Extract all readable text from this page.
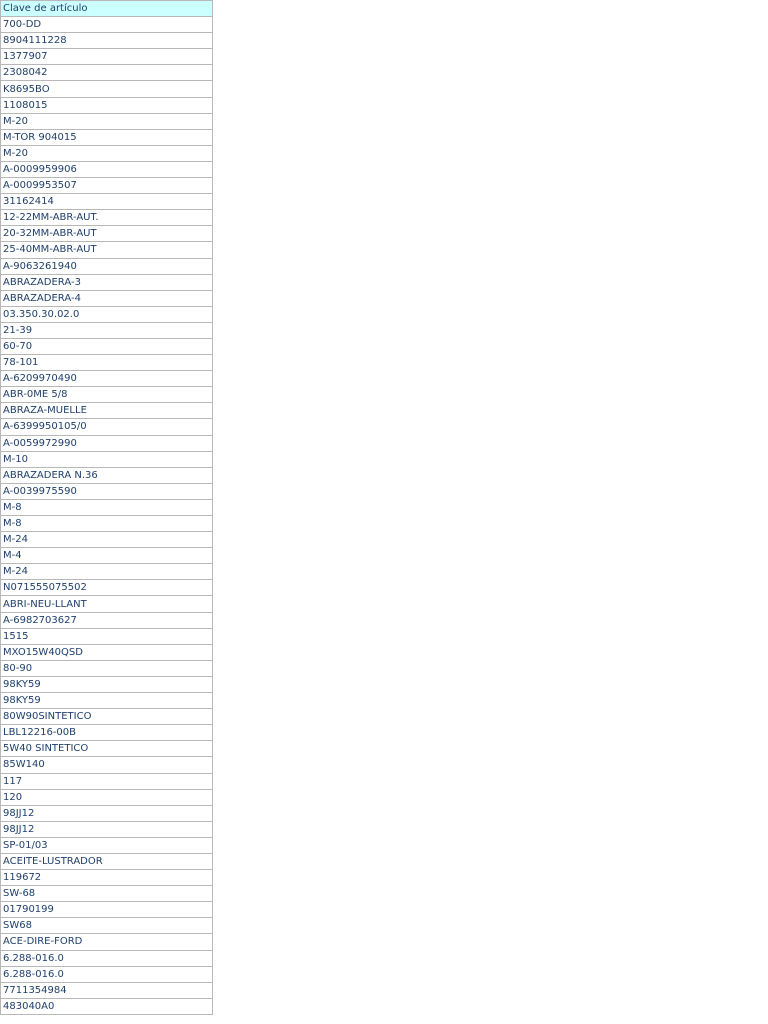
Clave de artículo
700-DD
8904111228
1377907
2308042
K8695BO
1108015
M-20
M-TOR 904015
M-20
A-0009959906
A-0009953507
31162414
12-22MM-ABR-AUT.
20-32MM-ABR-AUT
25-40MM-ABR-AUT
A-9063261940
ABRAZADERA-3
ABRAZADERA-4
03.350.30.02.0
21-39
60-70
78-101
A-6209970490
ABR-0ME 5/8
ABRAZA-MUELLE
A-6399950105/0
A-0059972990
M-10
ABRAZADERA N.36
A-0039975590
M-8
M-8
M-24
M-4
M-24
N071555075502
ABRI-NEU-LLANT
A-6982703627
1515
MXO15W40QSD
80-90
98KY59
98KY59
80W90SINTETICO
LBL12216-00B
5W40 SINTETICO
85W140
117
120
98JJ12
98JJ12
SP-01/03
ACEITE-LUSTRADOR
119672
SW-68
01790199
SW68
ACE-DIRE-FORD
6.288-016.0
6.288-016.0
7711354984
483040A0
